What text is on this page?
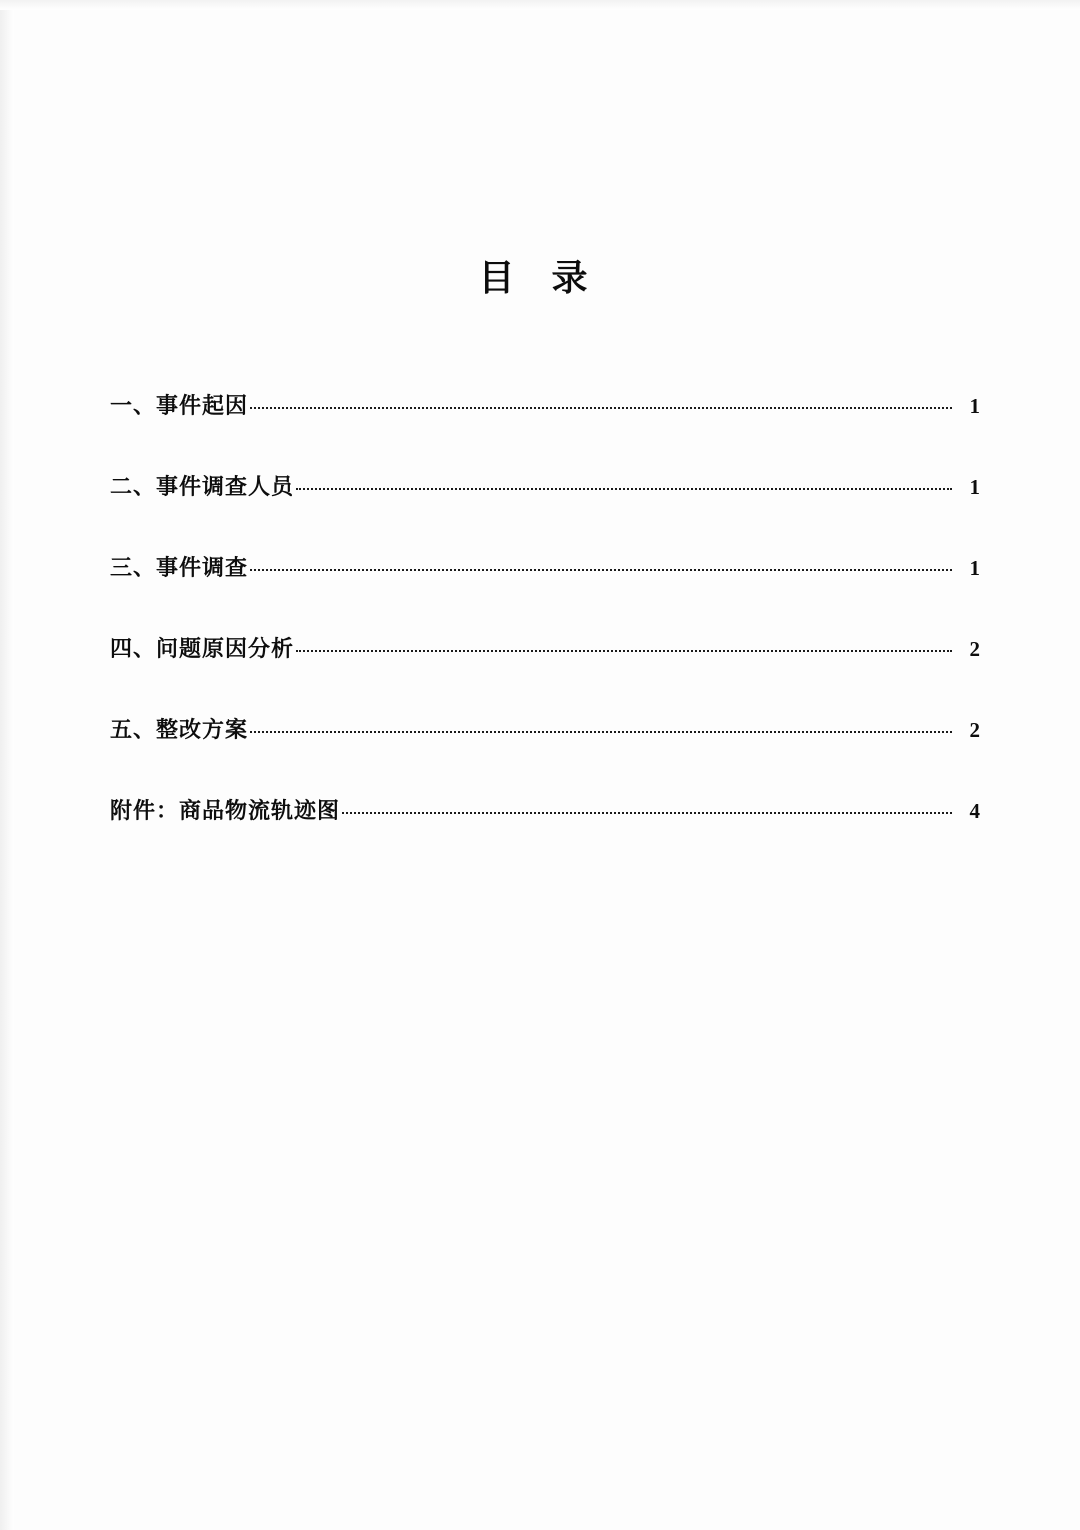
目 录
一、事件起因	1
二、事件调查人员	1
三、事件调查	1
四、问题原因分析	2
五、整改方案	2
附件：商品物流轨迹图	4
